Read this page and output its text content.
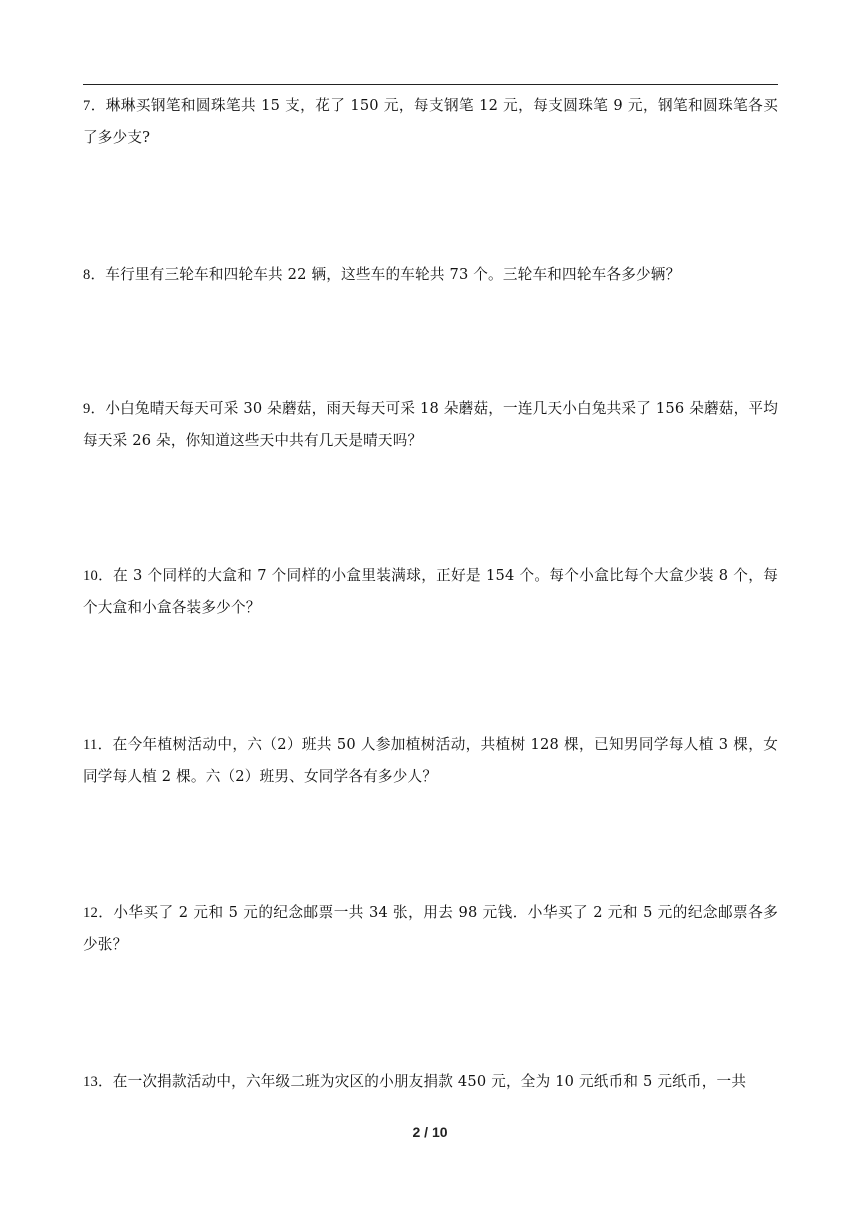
7．琳琳买钢笔和圆珠笔共 15 支，花了 150 元，每支钢笔 12 元，每支圆珠笔 9 元，钢笔和圆珠笔各买了多少支?
8．车行里有三轮车和四轮车共 22 辆，这些车的车轮共 73 个。三轮车和四轮车各多少辆？
9．小白兔晴天每天可采 30 朵蘑菇，雨天每天可采 18 朵蘑菇，一连几天小白兔共采了 156 朵蘑菇，平均每天采 26 朵，你知道这些天中共有几天是晴天吗？
10．在 3 个同样的大盒和 7 个同样的小盒里装满球，正好是 154 个。每个小盒比每个大盒少装 8 个，每个大盒和小盒各装多少个？
11．在今年植树活动中，六（2）班共 50 人参加植树活动，共植树 128 棵，已知男同学每人植 3 棵，女同学每人植 2 棵。六（2）班男、女同学各有多少人？
12．小华买了 2 元和 5 元的纪念邮票一共 34 张，用去 98 元钱．小华买了 2 元和 5 元的纪念邮票各多少张？
13．在一次捐款活动中，六年级二班为灾区的小朋友捐款 450 元，全为 10 元纸币和 5 元纸币，一共
2 / 10
